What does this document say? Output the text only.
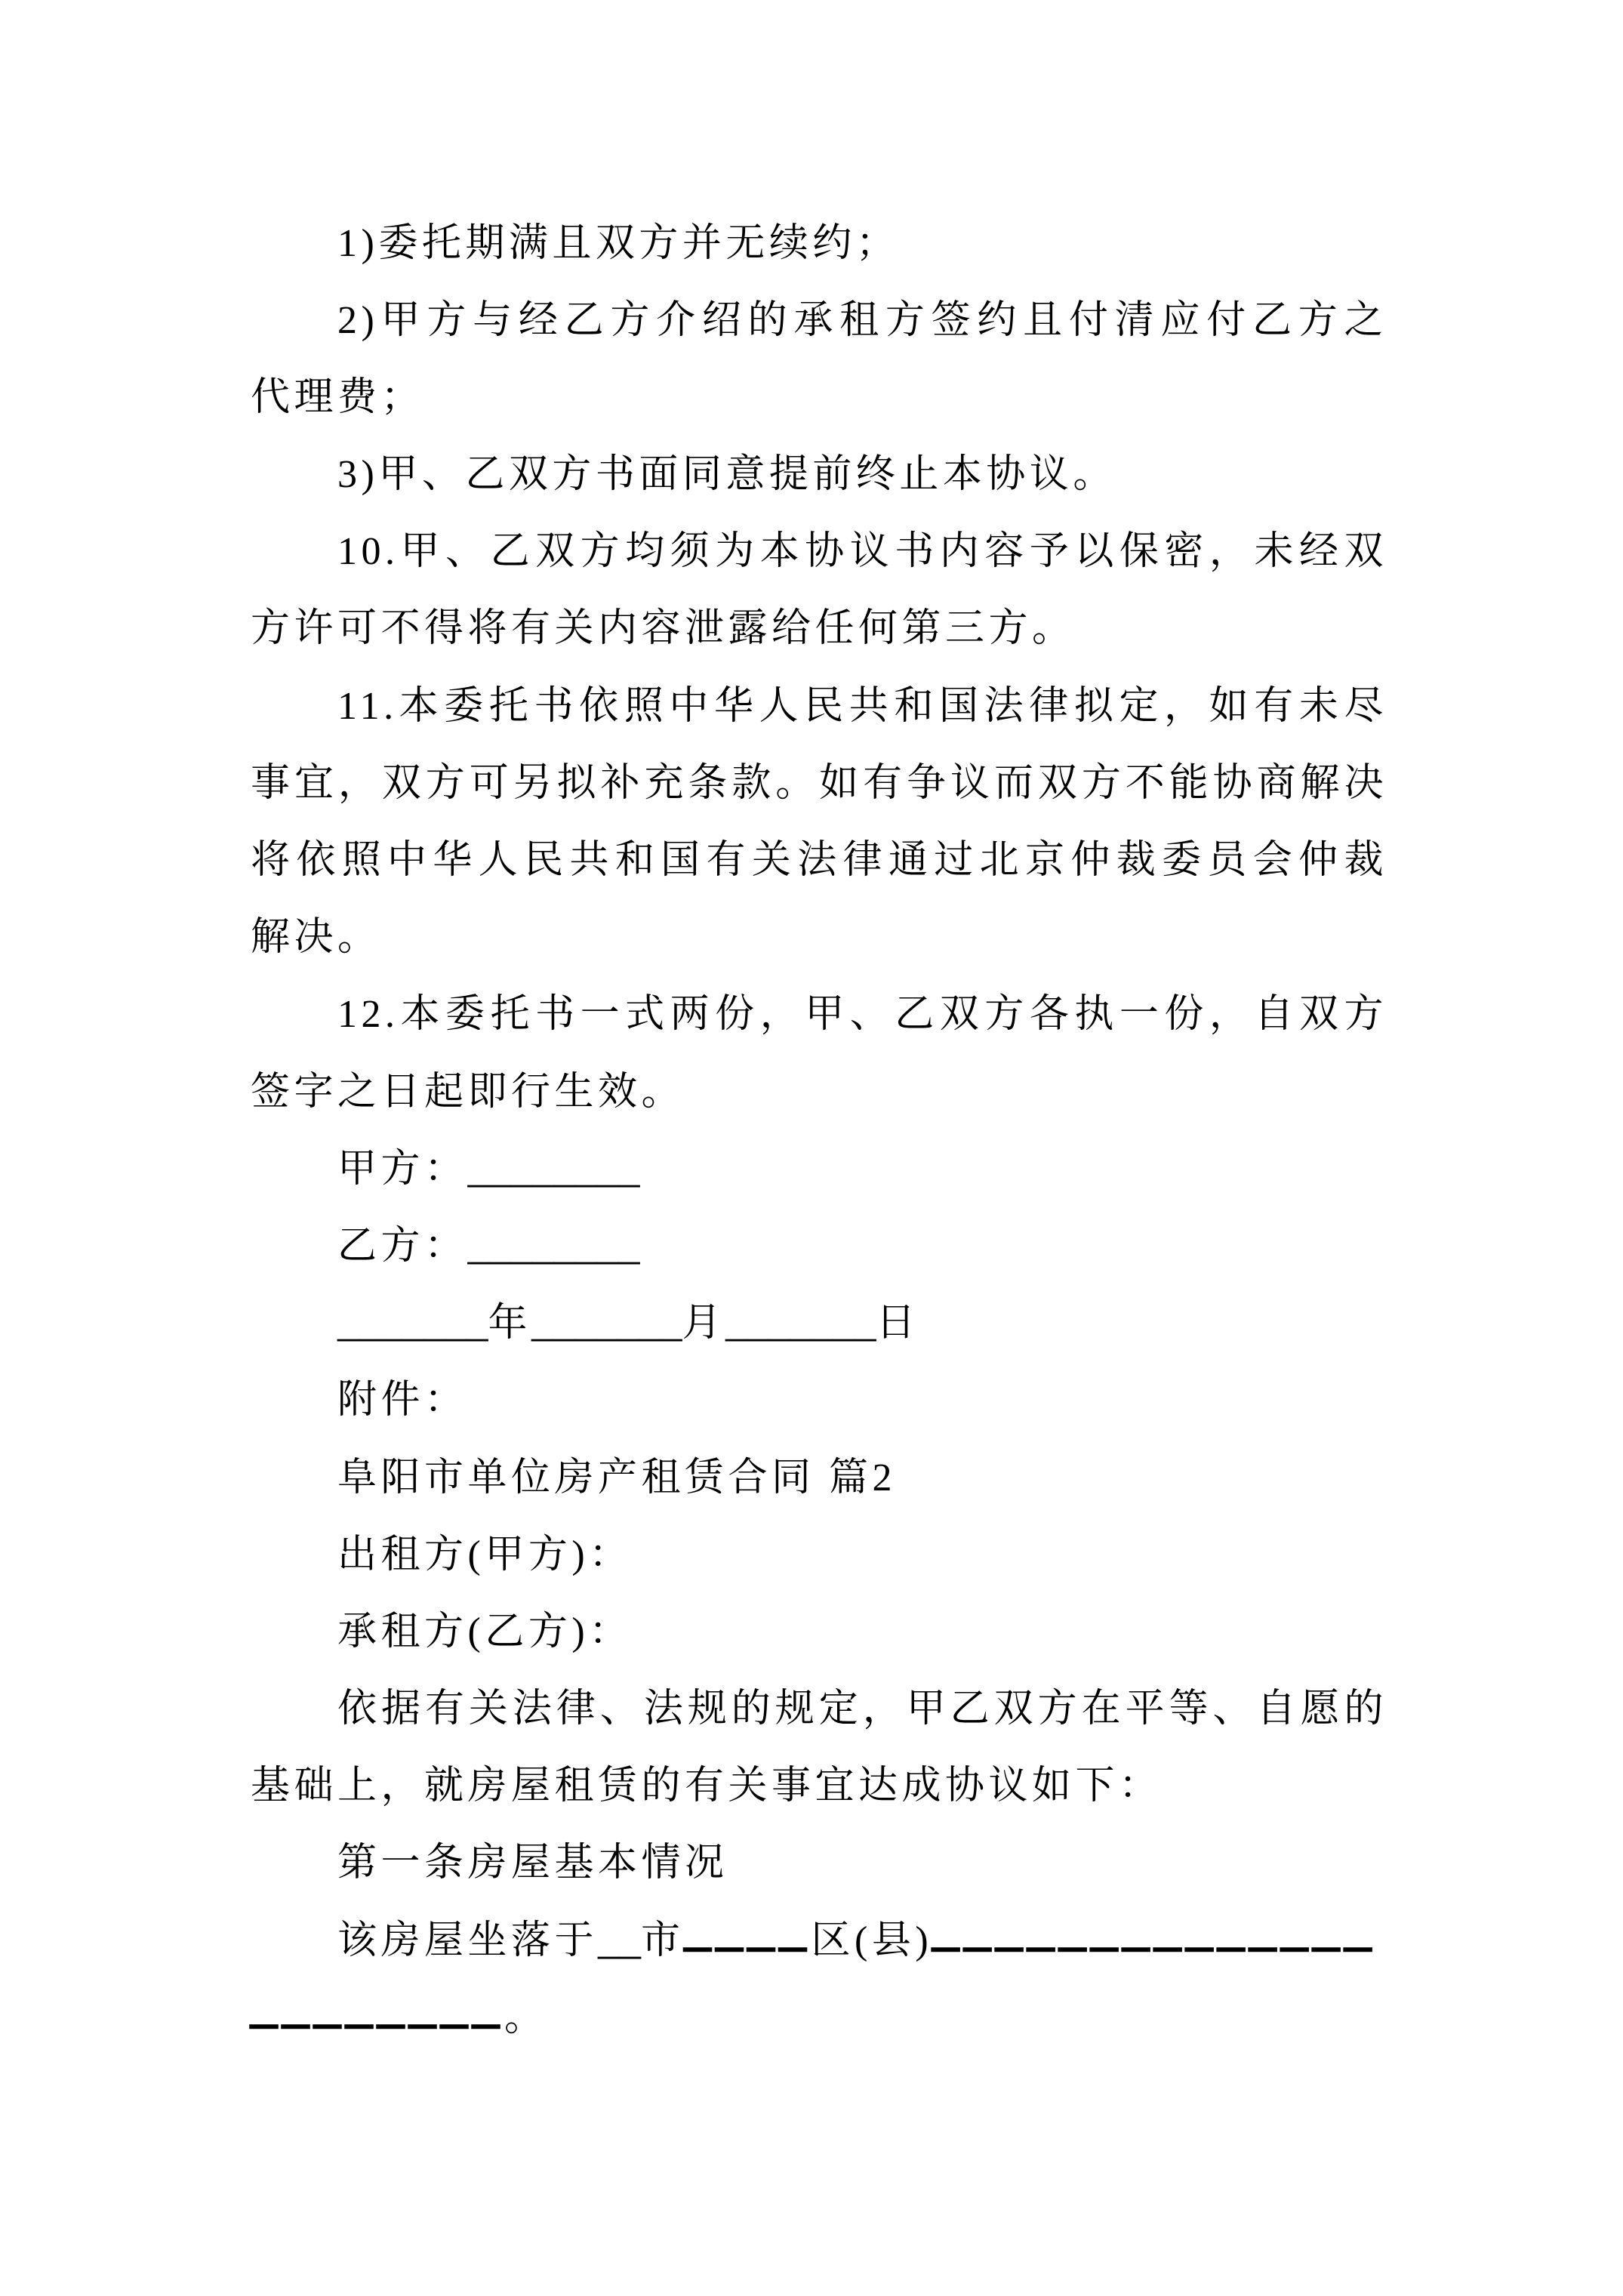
1)委托期满且双方并无续约；
2)甲方与经乙方介绍的承租方签约且付清应付乙方之
代理费；
3)甲、乙双方书面同意提前终止本协议。
10.甲、乙双方均须为本协议书内容予以保密，未经双
方许可不得将有关内容泄露给任何第三方。
11.本委托书依照中华人民共和国法律拟定，如有未尽
事宜，双方可另拟补充条款。如有争议而双方不能协商解决
将依照中华人民共和国有关法律通过北京仲裁委员会仲裁
解决。
12.本委托书一式两份，甲、乙双方各执一份，自双方
签字之日起即行生效。
甲方：________
乙方：________
_______年_______月_______日
附件：
阜阳市单位房产租赁合同 篇2
出租方(甲方)：
承租方(乙方)：
依据有关法律、法规的规定，甲乙双方在平等、自愿的
基础上，就房屋租赁的有关事宜达成协议如下：
第一条房屋基本情况
该房屋坐落于__市____区(县)______________
________。
